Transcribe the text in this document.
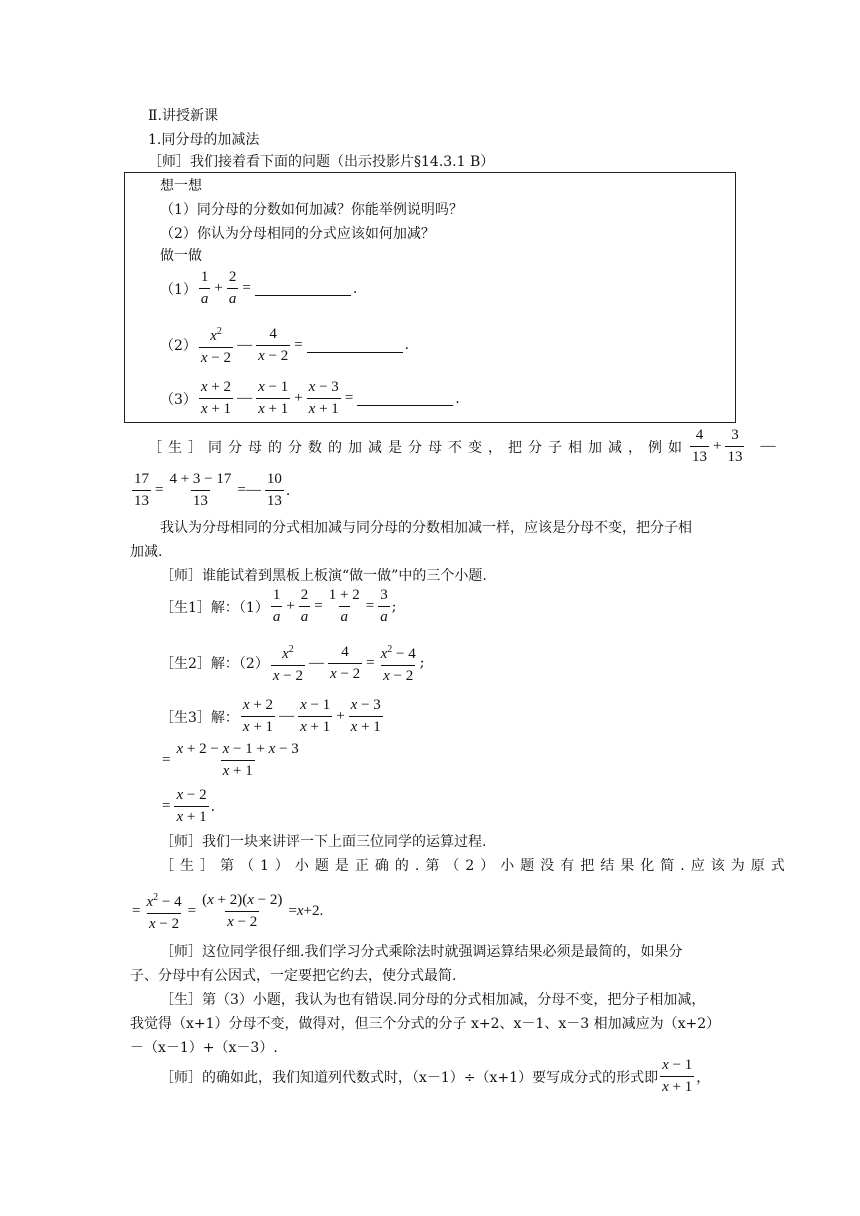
Ⅱ.讲授新课
1.同分母的加减法
［师］我们接着看下面的问题（出示投影片§14.3.1 B）
想一想
（1）同分母的分数如何加减？你能举例说明吗？
（2）你认为分母相同的分式应该如何加减？
做一做
$(1) \frac{1}{a} + \frac{2}{a}$ =	.
$(2) \frac{x^2}{x - 2}$ — $\frac{4}{x - 2}$ =	.
$(3) \frac{x + 2}{x + 1}$ — $\frac{x - 1}{x + 1} + \frac{x - 3}{x + 1}$ =	.
［生］同分母的分数的加减是分母不变，把分子相加减，例如 $\frac{4}{13} + \frac{3}{13}$ —
$\frac{17}{13} = \frac{4 + 3 - 17}{13}$ =— $\frac{10}{13}$ .
我认为分母相同的分式相加减与同分母的分数相加减一样，应该是分母不变，把分子相
加减.
［师］谁能试着到黑板上板演“做一做”中的三个小题.
［生1］解：$(1) \frac{1}{a} + \frac{2}{a} = \frac{1 + 2}{a} = \frac{3}{a}$ ;
［生2］解：$(2) \frac{x^2}{x - 2}$ — $\frac{4}{x - 2} = \frac{x^2 - 4}{x - 2}$ ;
［生3］解： $\frac{x + 2}{x + 1}$ — $\frac{x - 1}{x + 1} + \frac{x - 3}{x + 1}$
= $\frac{x + 2 - x - 1 + x - 3}{x + 1}$
= $\frac{x - 2}{x + 1}$ .
［师］我们一块来讲评一下上面三位同学的运算过程.
［生］第（1）小题是正确的.第（2）小题没有把结果化简.应该为原式
= $\frac{x^2 - 4}{x - 2} = \frac{(x + 2)(x - 2)}{x - 2} =x+2$.
［师］这位同学很仔细.我们学习分式乘除法时就强调运算结果必须是最简的，如果分
子、分母中有公因式，一定要把它约去，使分式最简.
［生］第（3）小题，我认为也有错误.同分母的分式相加减，分母不变，把分子相加减，
我觉得（x+1）分母不变，做得对，但三个分式的分子 x+2、x－1、x－3 相加减应为（x+2）
－（x－1）+（x－3）.
［师］的确如此，我们知道列代数式时，（x－1）÷（x+1）要写成分式的形式即 $\frac{x - 1}{x + 1}$ ，
